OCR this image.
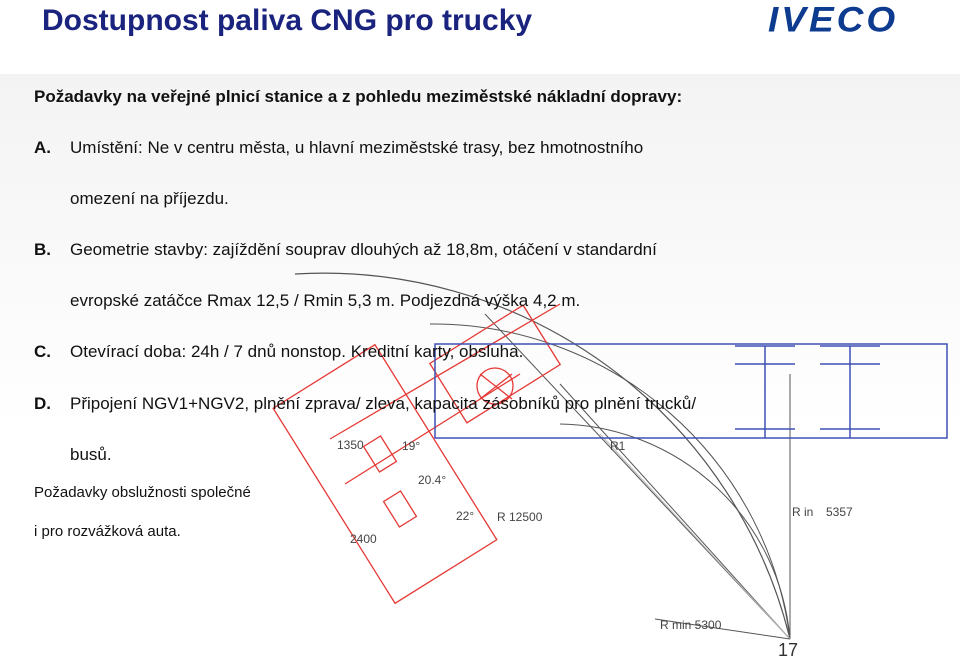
1350	19°	R1
20.4°
22° R 12500
2400
R in 5357
R min 5300
Dostupnost paliva CNG pro trucky	IVECO
Požadavky na veřejné plnicí stanice a z pohledu meziměstské nákladní dopravy:
A. Umístění: Ne v centru města, u hlavní meziměstské trasy, bez hmotnostního
omezení na příjezdu.
B. Geometrie stavby: zajíždění souprav dlouhých až 18,8m, otáčení v standardní
evropské zatáčce Rmax 12,5 / Rmin 5,3 m. Podjezdná výška 4,2 m.
C. Otevírací doba: 24h / 7 dnů nonstop. Kreditní karty, obsluha.
D. Připojení NGV1+NGV2, plnění zprava/ zleva, kapacita zásobníků pro plnění trucků/
busů.
Požadavky obslužnosti společné
i pro rozvážková auta.
17
